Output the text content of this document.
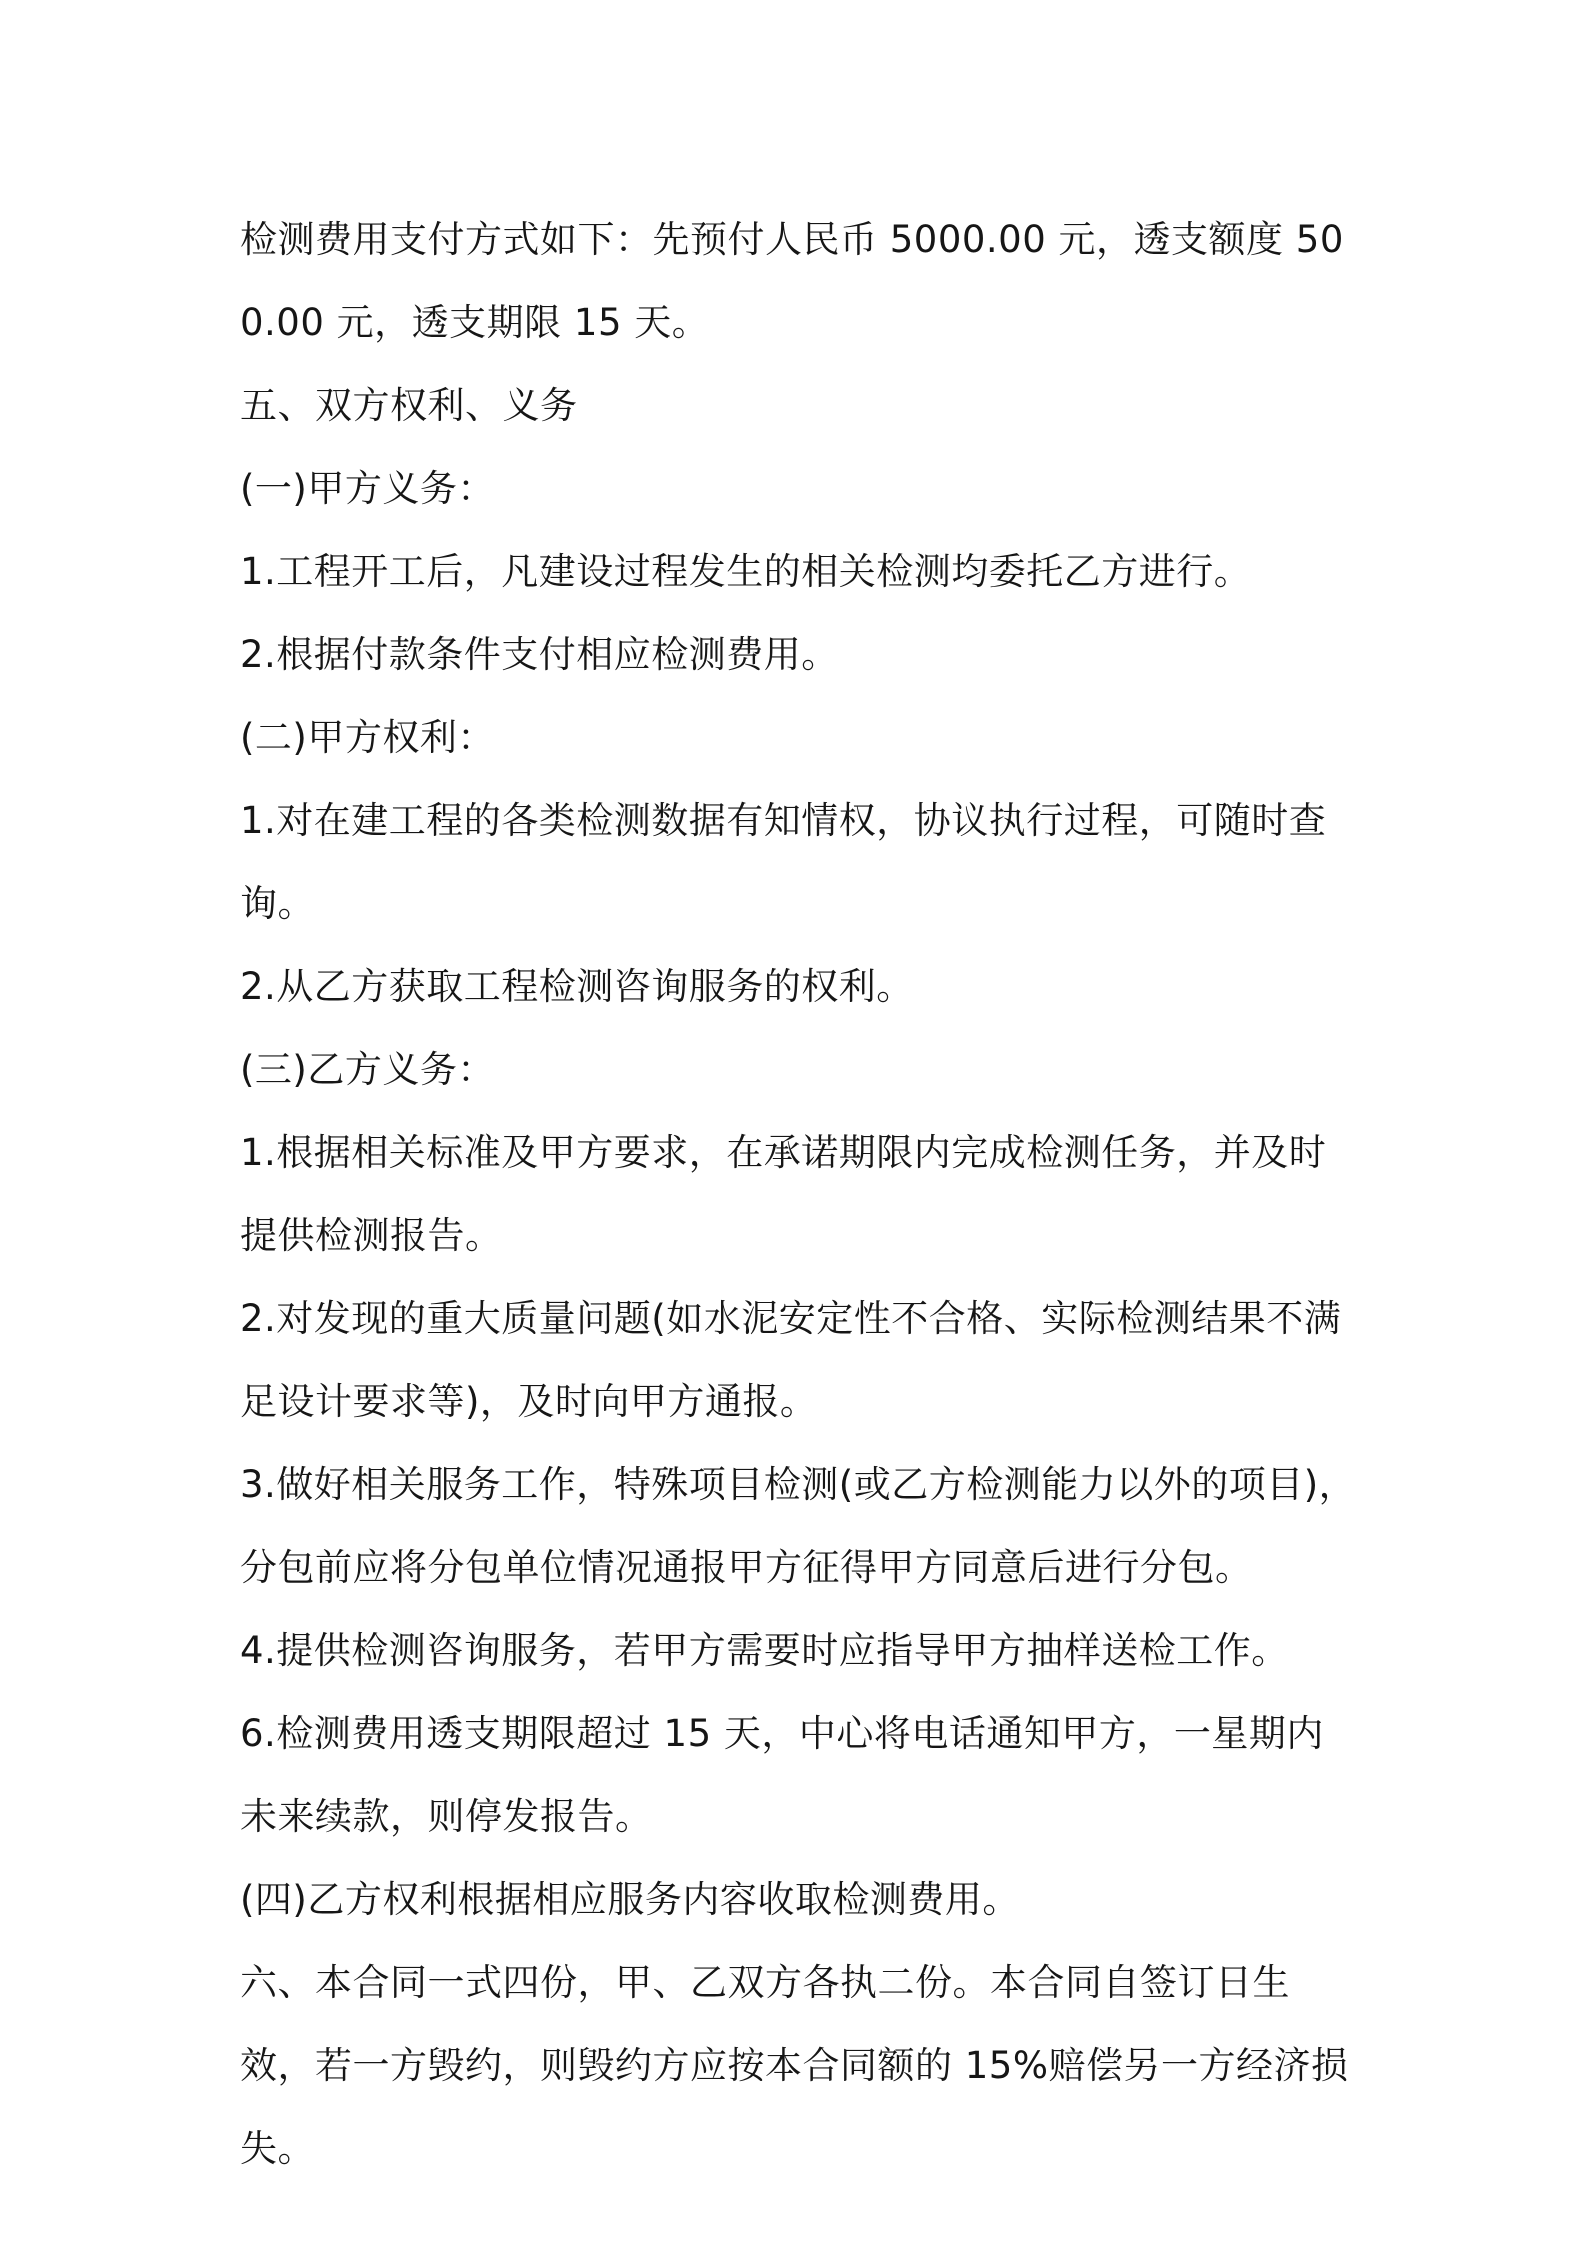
检测费用支付方式如下：先预付人民币 5000.00 元，透支额度 500.00 元，透支期限 15 天。

五、双方权利、义务

(一)甲方义务：

1.工程开工后，凡建设过程发生的相关检测均委托乙方进行。

2.根据付款条件支付相应检测费用。

(二)甲方权利：

1.对在建工程的各类检测数据有知情权，协议执行过程，可随时查询。

2.从乙方获取工程检测咨询服务的权利。

(三)乙方义务：

1.根据相关标准及甲方要求，在承诺期限内完成检测任务，并及时提供检测报告。

2.对发现的重大质量问题(如水泥安定性不合格、实际检测结果不满足设计要求等)，及时向甲方通报。

3.做好相关服务工作，特殊项目检测(或乙方检测能力以外的项目)，分包前应将分包单位情况通报甲方征得甲方同意后进行分包。

4.提供检测咨询服务，若甲方需要时应指导甲方抽样送检工作。

6.检测费用透支期限超过 15 天，中心将电话通知甲方，一星期内未来续款，则停发报告。

(四)乙方权利根据相应服务内容收取检测费用。

六、本合同一式四份，甲、乙双方各执二份。本合同自签订日生效，若一方毁约，则毁约方应按本合同额的 15%赔偿另一方经济损失。
